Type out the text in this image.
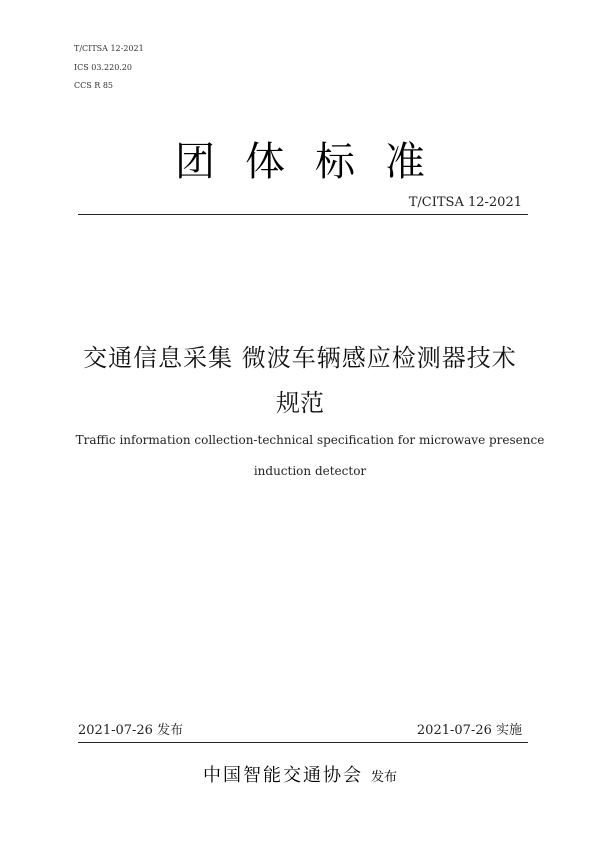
T/CITSA 12-2021
ICS 03.220.20
CCS R 85
团体标准
T/CITSA 12-2021
交通信息采集 微波车辆感应检测器技术
规范
Traffic information collection-technical specification for microwave presence
induction detector
2021-07-26 发布	2021-07-26 实施
中国智能交通协会 发布
